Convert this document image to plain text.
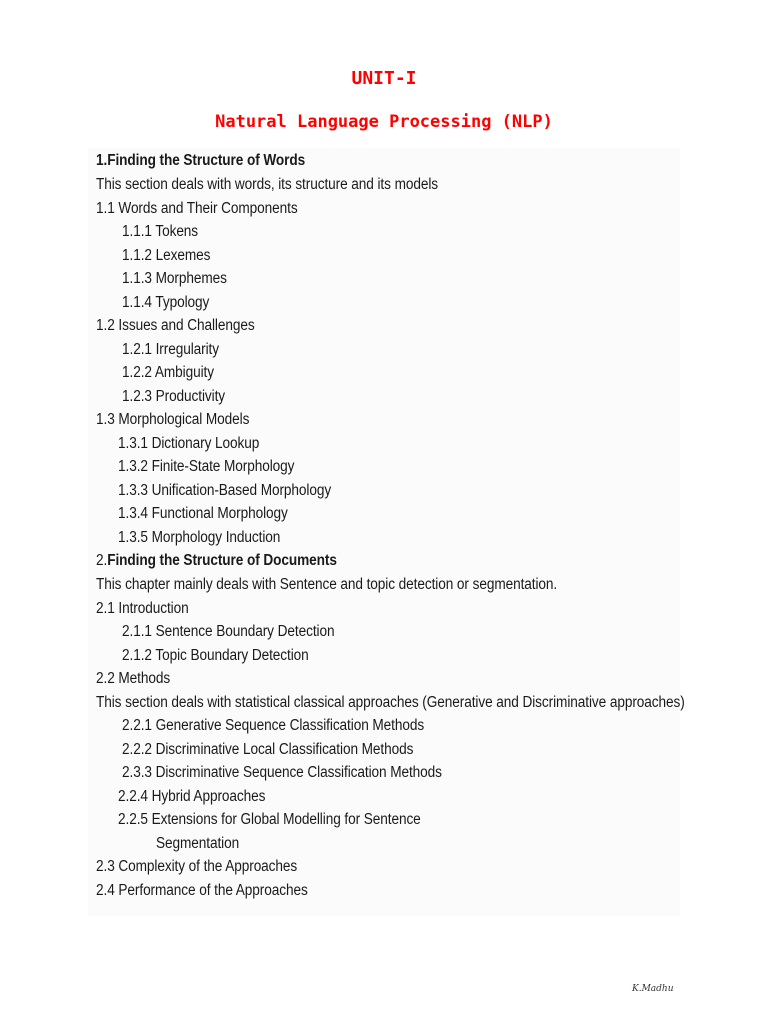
UNIT-I
Natural Language Processing (NLP)
1.Finding the Structure of Words
This section deals with words, its structure and its models
1.1 Words and Their Components
1.1.1 Tokens
1.1.2 Lexemes
1.1.3 Morphemes
1.1.4 Typology
1.2 Issues and Challenges
1.2.1 Irregularity
1.2.2 Ambiguity
1.2.3 Productivity
1.3 Morphological Models
1.3.1 Dictionary Lookup
1.3.2 Finite-State Morphology
1.3.3 Unification-Based Morphology
1.3.4 Functional Morphology
1.3.5 Morphology Induction
2.Finding the Structure of Documents
This chapter mainly deals with Sentence and topic detection or segmentation.
2.1 Introduction
2.1.1 Sentence Boundary Detection
2.1.2 Topic Boundary Detection
2.2 Methods
This section deals with statistical classical approaches (Generative and Discriminative approaches)
2.2.1 Generative Sequence Classification Methods
2.2.2 Discriminative Local Classification Methods
2.3.3 Discriminative Sequence Classification Methods
2.2.4 Hybrid Approaches
2.2.5 Extensions for Global Modelling for Sentence
Segmentation
2.3 Complexity of the Approaches
2.4 Performance of the Approaches
K.Madhu
